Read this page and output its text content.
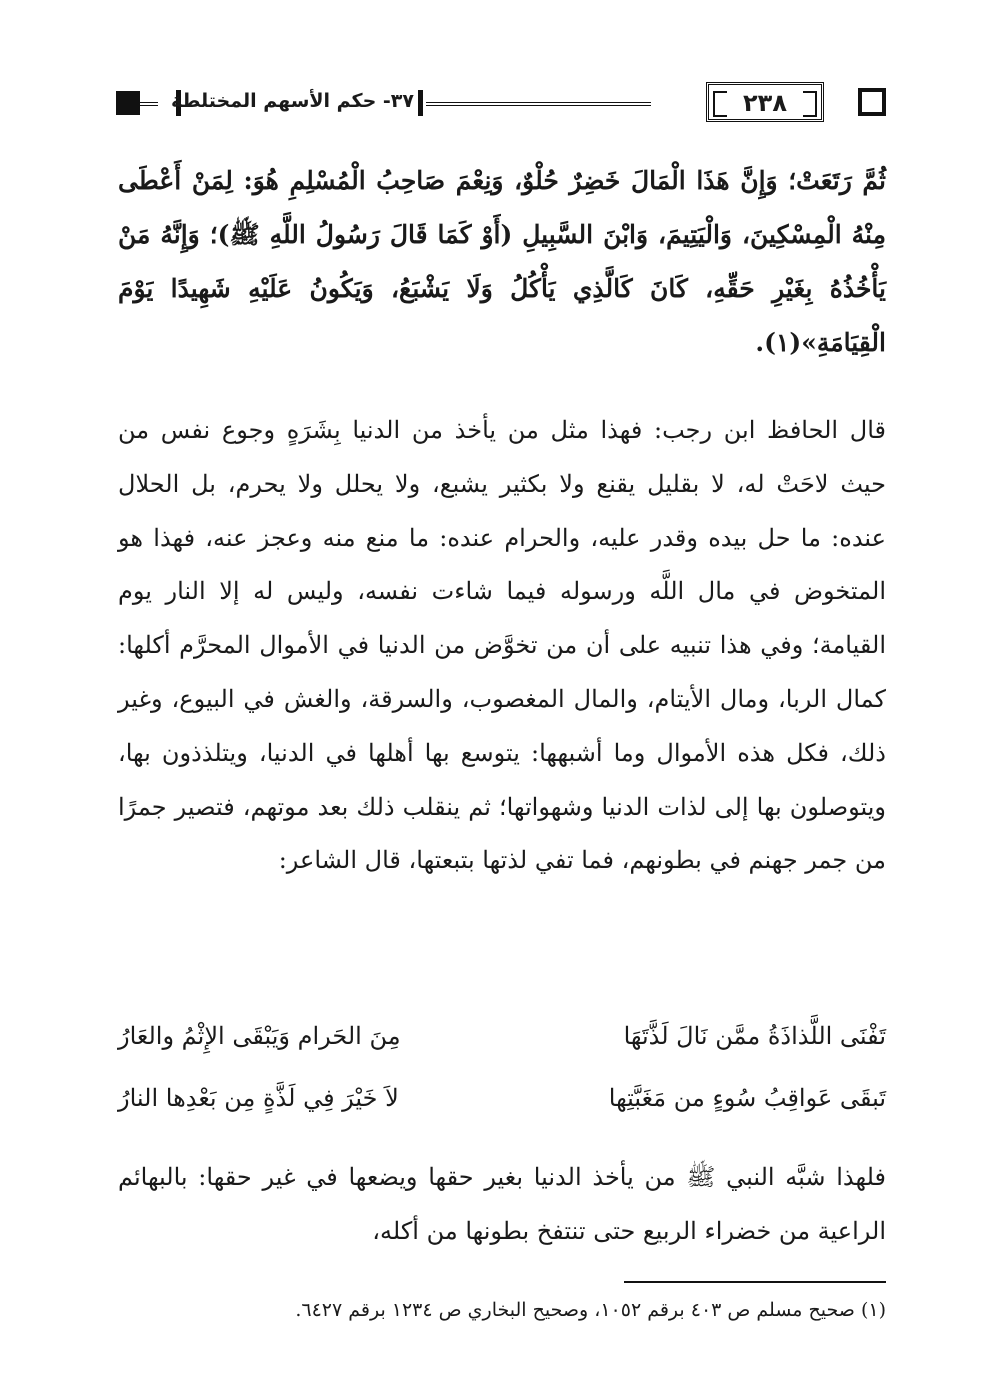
٣٧- حكم الأسهم المختلطة	٢٣٨
ثُمَّ رَتَعَتْ؛ وَإِنَّ هَذَا الْمَالَ خَضِرٌ حُلْوٌ، وَنِعْمَ صَاحِبُ الْمُسْلِمِ هُوَ: لِمَنْ أَعْطَى مِنْهُ الْمِسْكِينَ، وَالْيَتِيمَ، وَابْنَ السَّبِيلِ (أَوْ كَمَا قَالَ رَسُولُ اللَّهِ ﷺ)؛ وَإِنَّهُ مَنْ يَأْخُذُهُ بِغَيْرِ حَقِّهِ، كَانَ كَالَّذِي يَأْكُلُ وَلَا يَشْبَعُ، وَيَكُونُ عَلَيْهِ شَهِيدًا يَوْمَ الْقِيَامَةِ»(١).
قال الحافظ ابن رجب: فهذا مثل من يأخذ من الدنيا بِشَرَهٍ وجوع نفس من حيث لاحَتْ له، لا بقليل يقنع ولا بكثير يشبع، ولا يحلل ولا يحرم، بل الحلال عنده: ما حل بيده وقدر عليه، والحرام عنده: ما منع منه وعجز عنه، فهذا هو المتخوض في مال اللَّه ورسوله فيما شاءت نفسه، وليس له إلا النار يوم القيامة؛ وفي هذا تنبيه على أن من تخوَّض من الدنيا في الأموال المحرَّم أكلها: كمال الربا، ومال الأيتام، والمال المغصوب، والسرقة، والغش في البيوع، وغير ذلك، فكل هذه الأموال وما أشبهها: يتوسع بها أهلها في الدنيا، ويتلذذون بها، ويتوصلون بها إلى لذات الدنيا وشهواتها؛ ثم ينقلب ذلك بعد موتهم، فتصير جمرًا من جمر جهنم في بطونهم، فما تفي لذتها بتبعتها، قال الشاعر:
تَفْنَى اللَّذاذَةُ ممَّن نَالَ لَذَّتَهَا
مِنَ الحَرام وَيَبْقَى الإِثْمُ والعَارُ
تَبقَى عَواقِبُ سُوءٍ من مَغَبَّتِها
لاَ خَيْرَ فِي لَذَّةٍ مِن بَعْدِها النارُ
فلهذا شبَّه النبي ﷺ من يأخذ الدنيا بغير حقها ويضعها في غير حقها: بالبهائم الراعية من خضراء الربيع حتى تنتفخ بطونها من أكله،
(١) صحيح مسلم ص ٤٠٣ برقم ١٠٥٢، وصحيح البخاري ص ١٢٣٤ برقم ٦٤٢٧.
